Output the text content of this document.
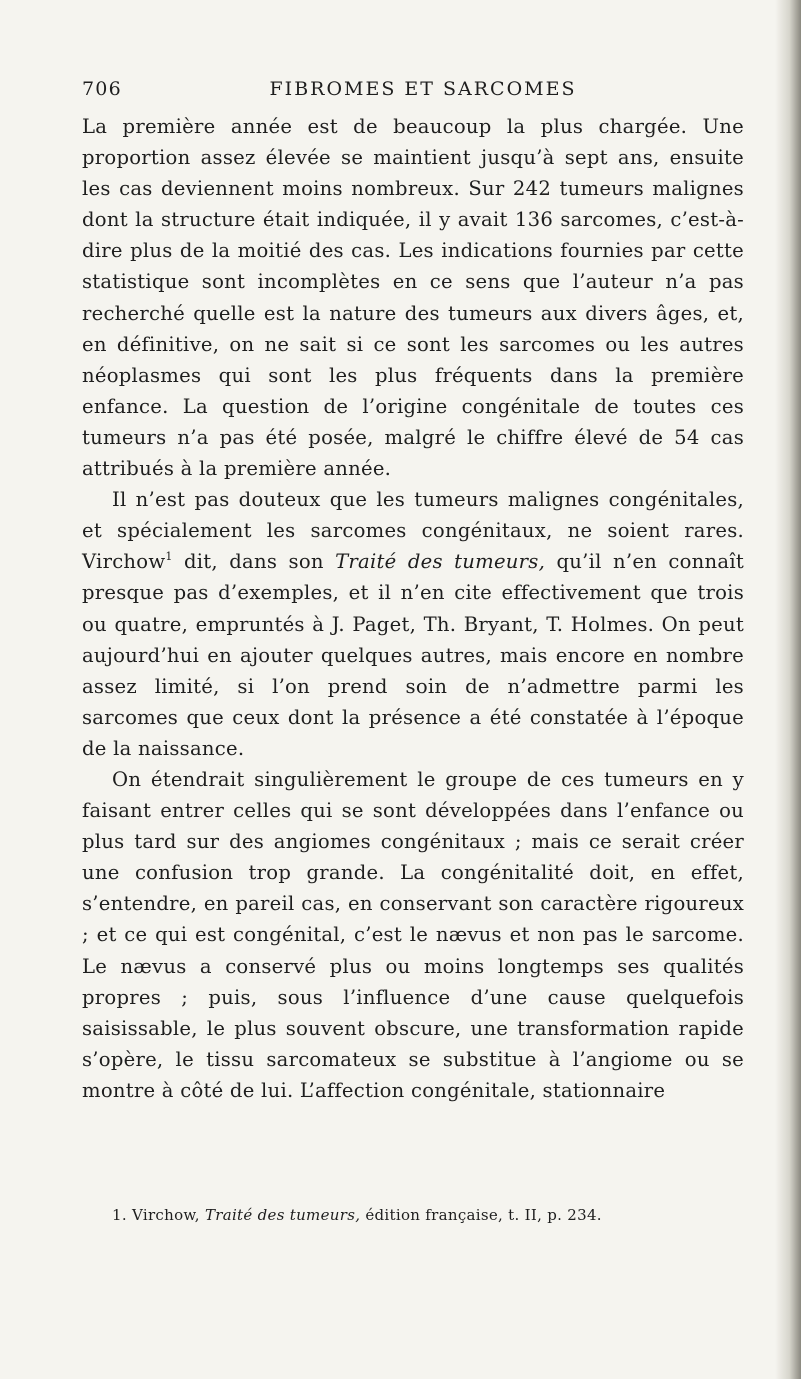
706	FIBROMES ET SARCOMES

La première année est de beaucoup la plus chargée. Une proportion assez élevée se maintient jusqu’à sept ans, ensuite les cas deviennent moins nombreux. Sur 242 tumeurs malignes dont la structure était indiquée, il y avait 136 sarcomes, c’est-à-dire plus de la moitié des cas. Les indications fournies par cette statistique sont incomplètes en ce sens que l’auteur n’a pas recherché quelle est la nature des tumeurs aux divers âges, et, en définitive, on ne sait si ce sont les sarcomes ou les autres néoplasmes qui sont les plus fréquents dans la première enfance. La question de l’origine congénitale de toutes ces tumeurs n’a pas été posée, malgré le chiffre élevé de 54 cas attribués à la première année.

Il n’est pas douteux que les tumeurs malignes congénitales, et spécialement les sarcomes congénitaux, ne soient rares. Virchow$^1$ dit, dans son Traité des tumeurs, qu’il n’en connaît presque pas d’exemples, et il n’en cite effectivement que trois ou quatre, empruntés à J. Paget, Th. Bryant, T. Holmes. On peut aujourd’hui en ajouter quelques autres, mais encore en nombre assez limité, si l’on prend soin de n’admettre parmi les sarcomes que ceux dont la présence a été constatée à l’époque de la naissance.

On étendrait singulièrement le groupe de ces tumeurs en y faisant entrer celles qui se sont développées dans l’enfance ou plus tard sur des angiomes congénitaux ; mais ce serait créer une confusion trop grande. La congénitalité doit, en effet, s’entendre, en pareil cas, en conservant son caractère rigoureux ; et ce qui est congénital, c’est le nævus et non pas le sarcome. Le nævus a conservé plus ou moins longtemps ses qualités propres ; puis, sous l’influence d’une cause quelquefois saisissable, le plus souvent obscure, une transformation rapide s’opère, le tissu sarcomateux se substitue à l’angiome ou se montre à côté de lui. L’affection congénitale, stationnaire

1. Virchow, Traité des tumeurs, édition française, t. II, p. 234.
